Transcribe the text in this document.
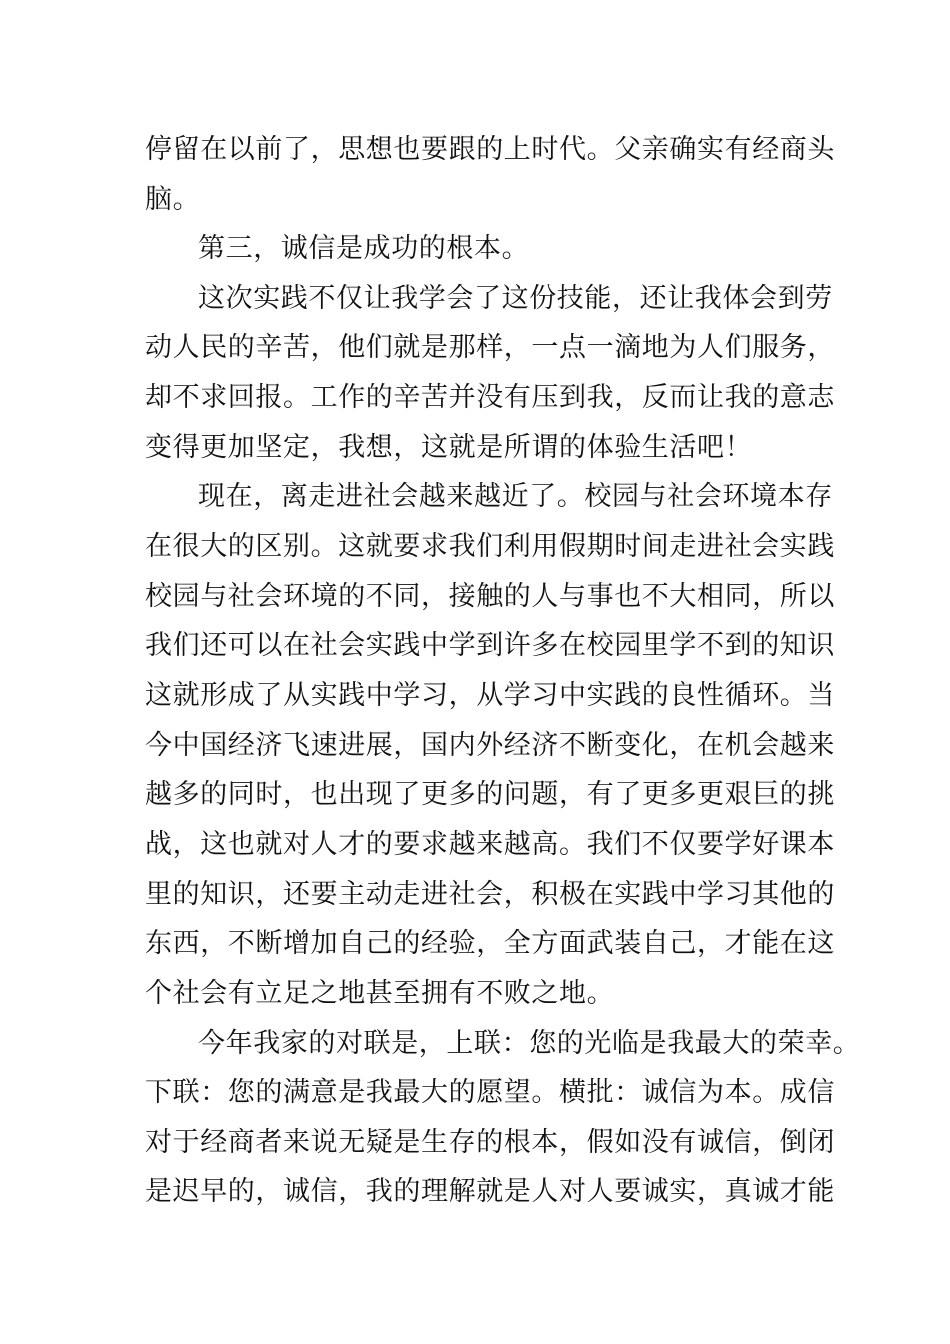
停留在以前了，思想也要跟的上时代。父亲确实有经商头
脑。
第三，诚信是成功的根本。
这次实践不仅让我学会了这份技能，还让我体会到劳
动人民的辛苦，他们就是那样，一点一滴地为人们服务，
却不求回报。工作的辛苦并没有压到我，反而让我的意志
变得更加坚定，我想，这就是所谓的体验生活吧！
现在，离走进社会越来越近了。校园与社会环境本存
在很大的区别。这就要求我们利用假期时间走进社会实践
校园与社会环境的不同，接触的人与事也不大相同，所以
我们还可以在社会实践中学到许多在校园里学不到的知识
这就形成了从实践中学习，从学习中实践的良性循环。当
今中国经济飞速进展，国内外经济不断变化，在机会越来
越多的同时，也出现了更多的问题，有了更多更艰巨的挑
战，这也就对人才的要求越来越高。我们不仅要学好课本
里的知识，还要主动走进社会，积极在实践中学习其他的
东西，不断增加自己的经验，全方面武装自己，才能在这
个社会有立足之地甚至拥有不败之地。
今年我家的对联是，上联：您的光临是我最大的荣幸。
下联：您的满意是我最大的愿望。横批：诚信为本。成信
对于经商者来说无疑是生存的根本，假如没有诚信，倒闭
是迟早的，诚信，我的理解就是人对人要诚实，真诚才能
